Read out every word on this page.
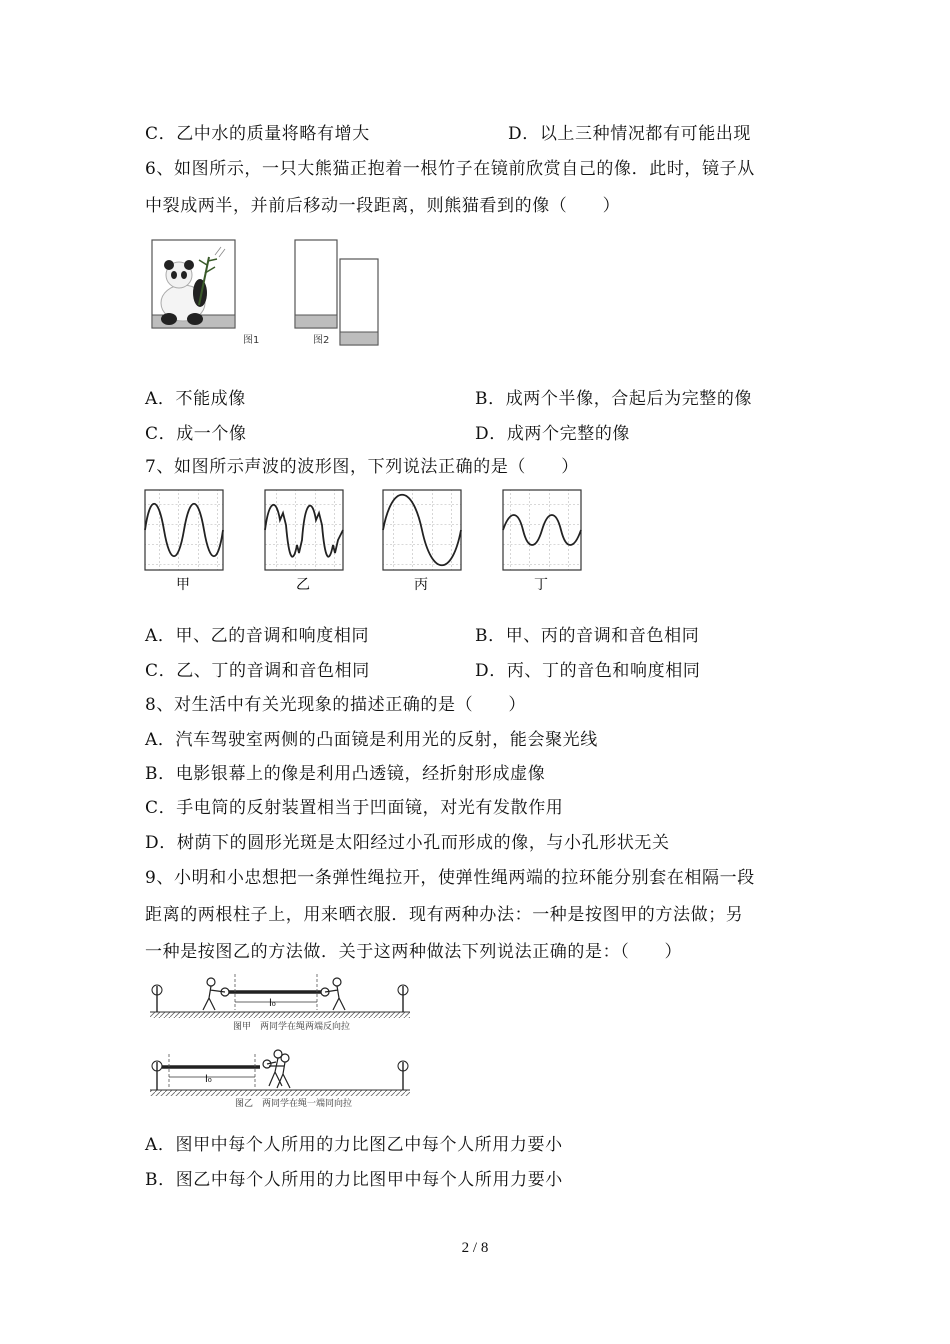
C．乙中水的质量将略有增大	D．以上三种情况都有可能出现
6、如图所示，一只大熊猫正抱着一根竹子在镜前欣赏自己的像．此时，镜子从
中裂成两半，并前后移动一段距离，则熊猫看到的像（　　）
图1	图2
A．不能成像	B．成两个半像，合起后为完整的像
C．成一个像	D．成两个完整的像
7、如图所示声波的波形图，下列说法正确的是（　　）
甲	乙	丙	丁
A．甲、乙的音调和响度相同	B．甲、丙的音调和音色相同
C．乙、丁的音调和音色相同	D．丙、丁的音色和响度相同
8、对生活中有关光现象的描述正确的是（　　）
A．汽车驾驶室两侧的凸面镜是利用光的反射，能会聚光线
B．电影银幕上的像是利用凸透镜，经折射形成虚像
C．手电筒的反射装置相当于凹面镜，对光有发散作用
D．树荫下的圆形光斑是太阳经过小孔而形成的像，与小孔形状无关
9、小明和小忠想把一条弹性绳拉开，使弹性绳两端的拉环能分别套在相隔一段
距离的两根柱子上，用来晒衣服．现有两种办法：一种是按图甲的方法做；另
一种是按图乙的方法做．关于这两种做法下列说法正确的是：（　　）
l₀
图甲　两同学在绳两端反向拉
l₀
图乙　两同学在绳一端同向拉
A．图甲中每个人所用的力比图乙中每个人所用力要小
B．图乙中每个人所用的力比图甲中每个人所用力要小
2 / 8
